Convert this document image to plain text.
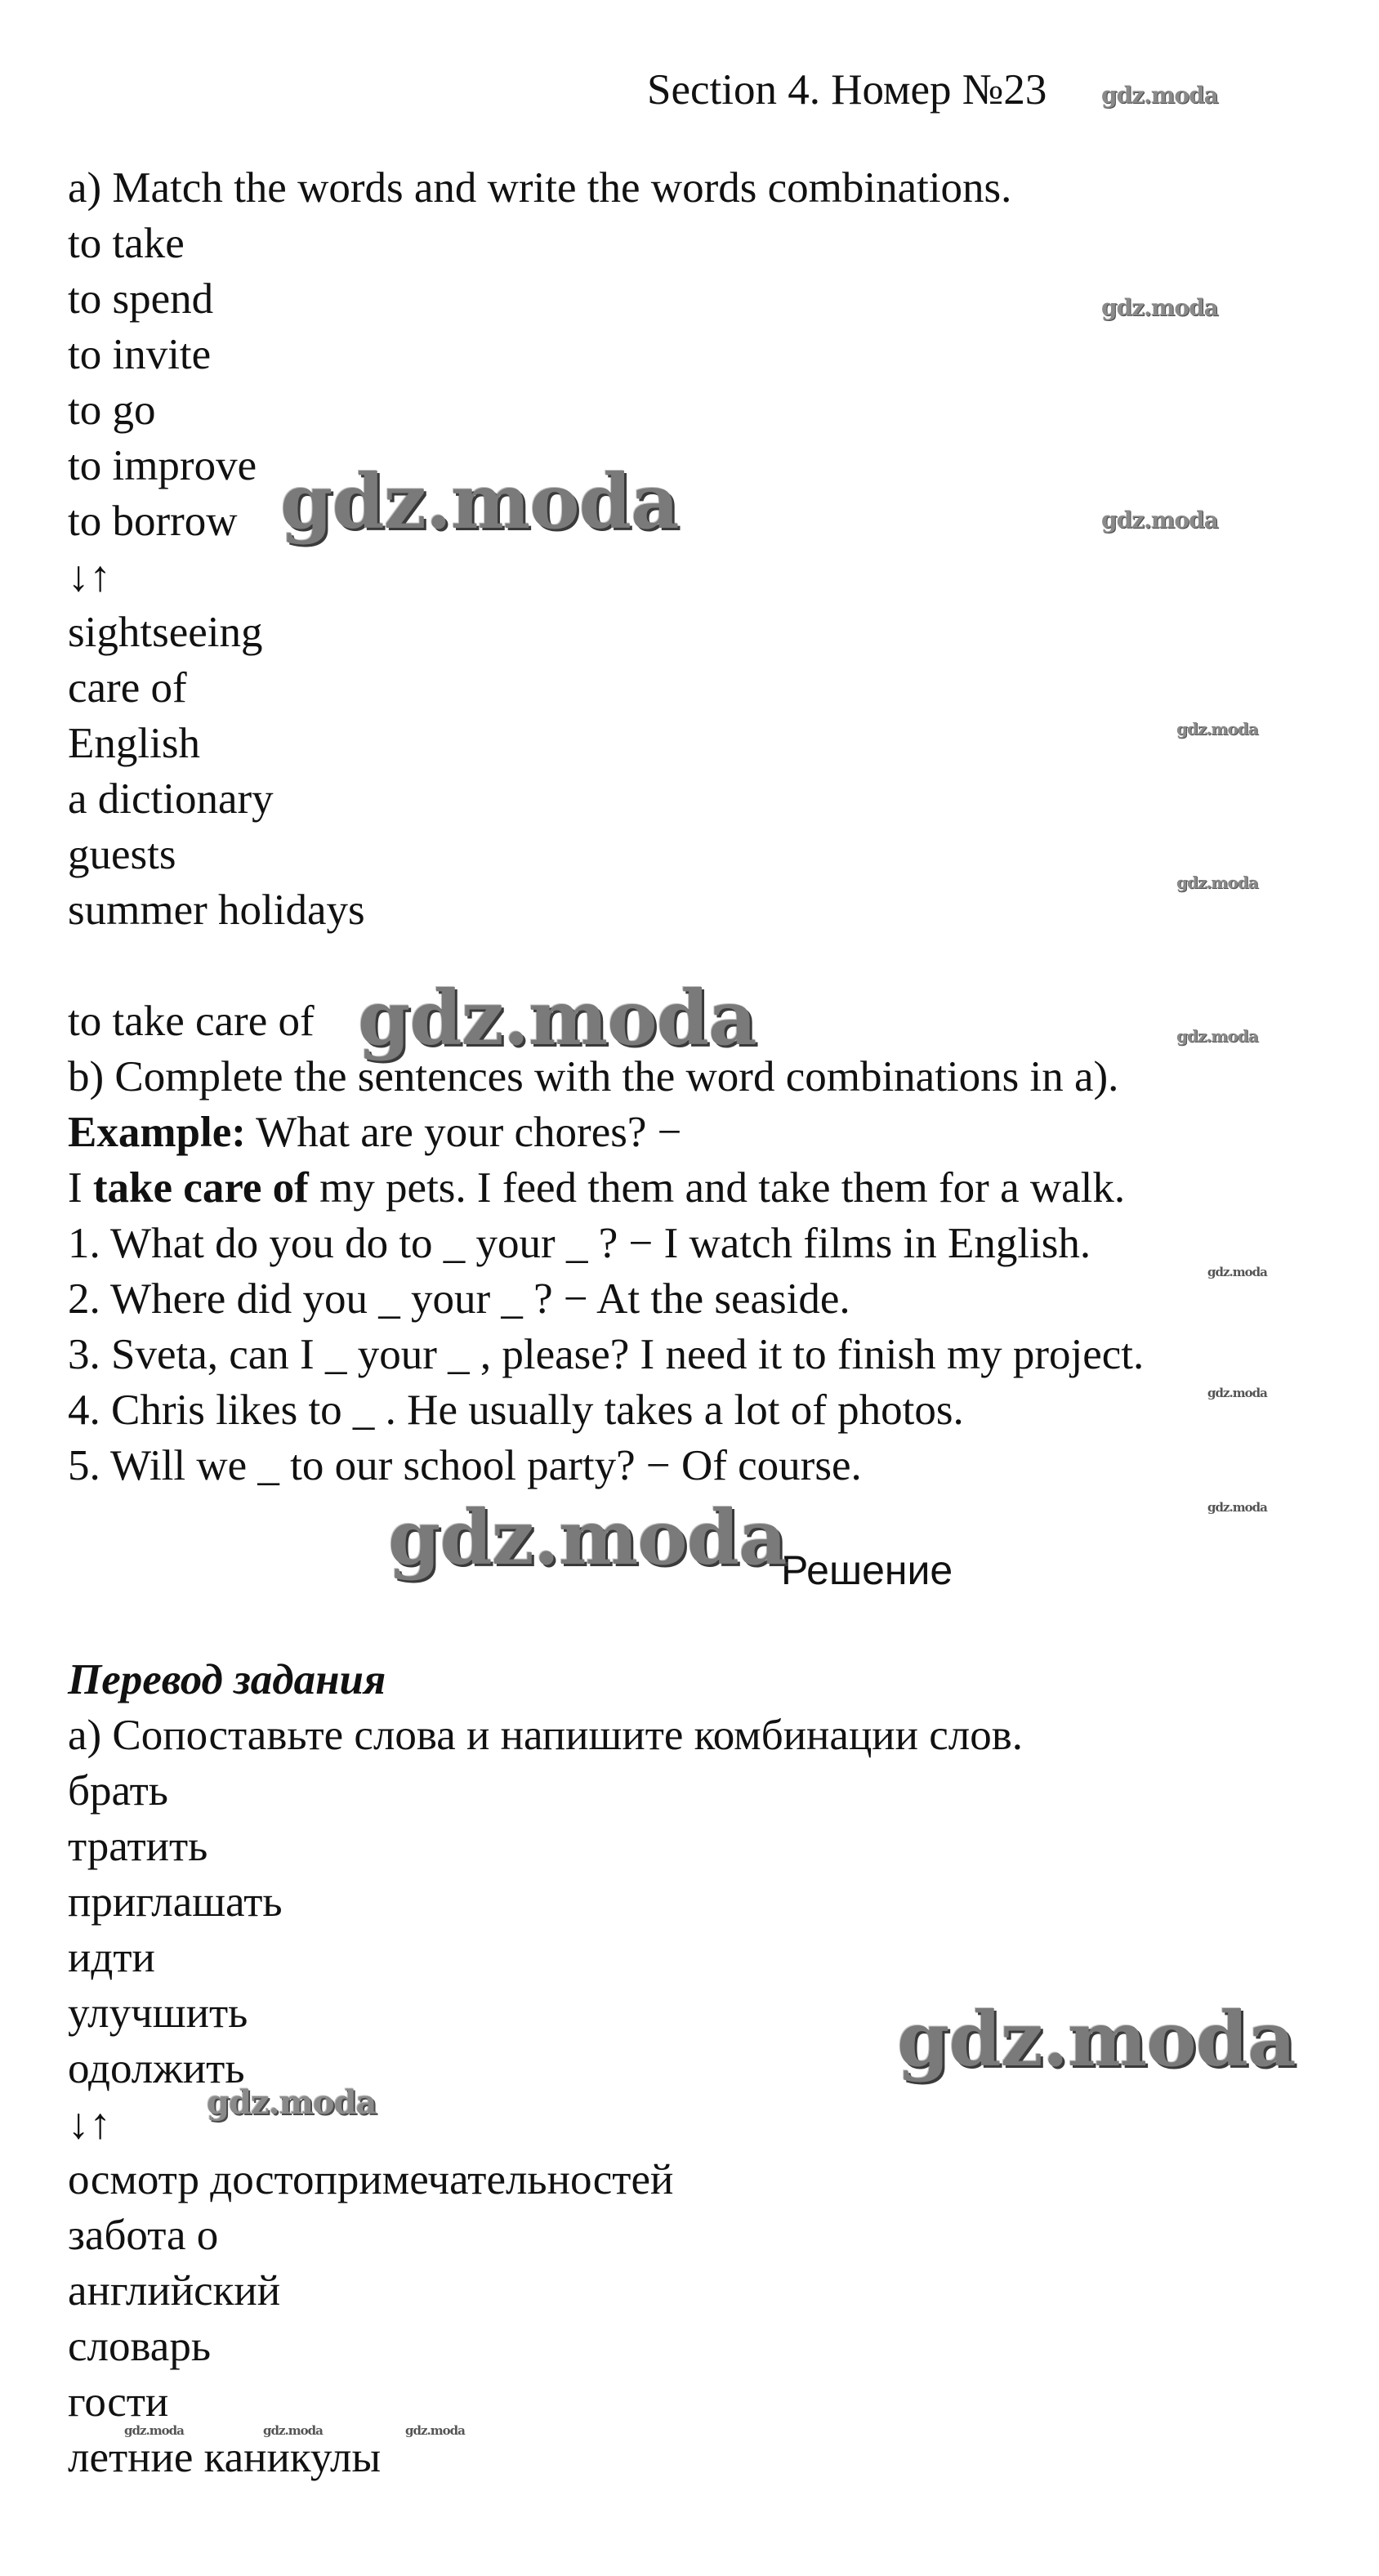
Section 4. Номер №23
a) Match the words and write the words combinations.
to take
to spend
to invite
to go
to improve
to borrow
↓↑
sightseeing
care of
English
a dictionary
guests
summer holidays
to take care of
b) Complete the sentences with the word combinations in a).
Example: What are your chores? −
I take care of my pets. I feed them and take them for a walk.
1. What do you do to _ your _ ? − I watch films in English.
2. Where did you _ your _ ? − At the seaside.
3. Sveta, can I _ your _ , please? I need it to finish my project.
4. Chris likes to _ . He usually takes a lot of photos.
5. Will we _ to our school party? − Of course.
Решение
Перевод задания
а) Сопоставьте слова и напишите комбинации слов.
брать
тратить
приглашать
идти
улучшить
одолжить
↓↑
осмотр достопримечательностей
забота о
английский
словарь
гости
летние каникулы
gdz.moda
gdz.moda
gdz.moda	gdz.moda
gdz.moda
gdz.moda
gdz.moda	gdz.moda
gdz.moda
gdz.moda
gdz.moda
gdz.moda
gdz.moda
gdz.moda
gdz.moda	gdz.moda	gdz.moda
